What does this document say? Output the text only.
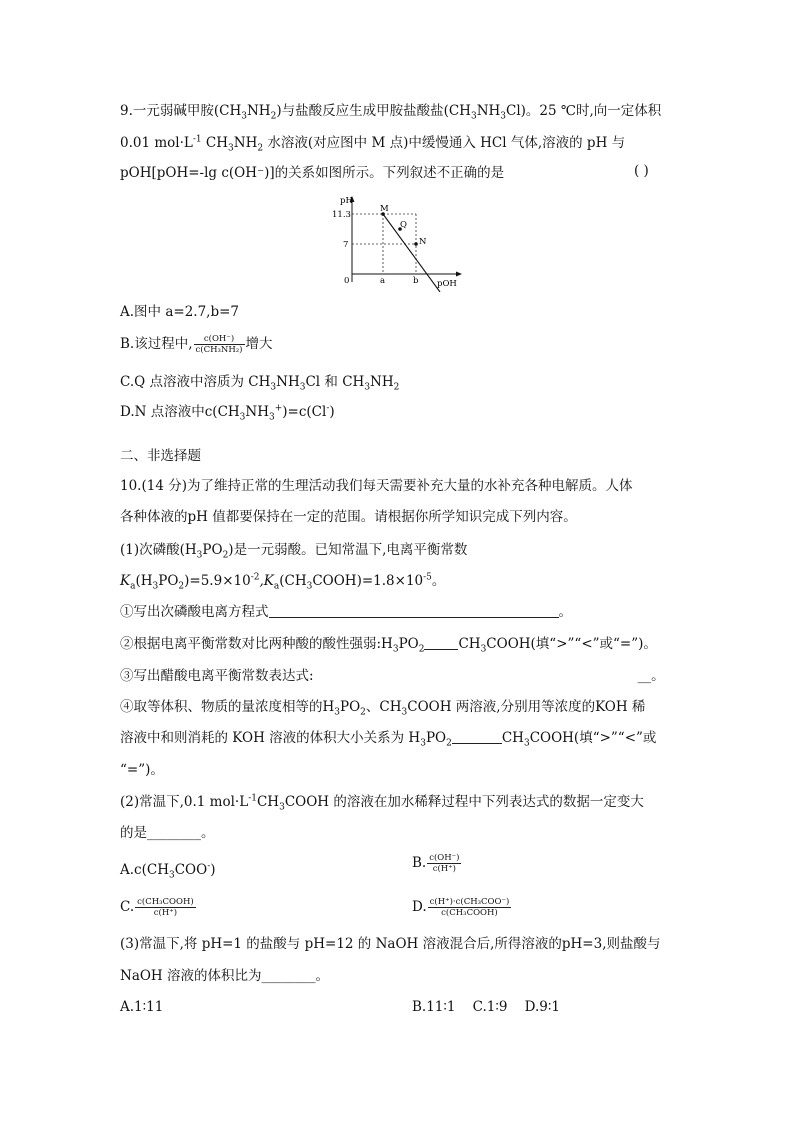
9.一元弱碱甲胺$(CH_3NH_2)$与盐酸反应生成甲胺盐酸盐$(CH_3NH_3Cl)$。25 ℃时,向一定体积
0.01 $mol\cdot L^{-1}$ $CH_3NH_2$ 水溶液(对应图中 M 点)中缓慢通入 HCl 气体,溶液的 pH 与
pOH[pOH=-lg c(OH⁻)]的关系如图所示。下列叙述不正确的是	( )
pH
11.3
7
0	a	b pOH
M
Q
N
A.图中 a=2.7,b=7
B.该过程中, $\frac{c(OH^-)}{\text{c(CH₃NH₂)}}$ 增大
C.Q 点溶液中溶质为 $CH_3NH_3Cl$ 和 $CH_3NH_2$
D.N 点溶液中$c(CH_3NH_3^+)=c(Cl^-)$
二、非选择题
10.(14 分)为了维持正常的生理活动我们每天需要补充大量的水补充各种电解质。人体
各种体液的pH 值都要保持在一定的范围。请根据你所学知识完成下列内容。
(1)次磷酸$(H_3PO_2)$是一元弱酸。已知常温下,电离平衡常数
$K_a(H_3PO_2)=5.9\times 10^{-2},K_a(CH_3COOH)=1.8\times 10^{-5}$。
①写出次磷酸电离方程式	。
②根据电离平衡常数对比两种酸的酸性强弱$:H_3PO_2$	$CH_3COOH$(填“>”“<”或“=”)。
③写出醋酸电离平衡常数表达式:	__。
④取等体积、物质的量浓度相等的$H_3PO_2$、$CH_3COOH$ 两溶液,分别用等浓度的KOH 稀
溶液中和则消耗的 KOH 溶液的体积大小关系为 $H_3PO_2$	$CH_3COOH$(填“>”“<”或
“=”)。
(2)常温下,0.1 $mol\cdot L^{-1}CH_3COOH$ 的溶液在加水稀释过程中下列表达式的数据一定变大
的是________。
$A.c(CH_3COO^-)$	B. $\frac{c(OH^-)}{c(H^+)}$
C. $\frac{\text{c(CH₃COOH)}}{c(H^+)}$	D. $\frac{\text{c(H⁺)·c(CH₃COO⁻)}}{\text{c(CH₃COOH)}}$
(3)常温下,将 pH=1 的盐酸与 pH=12 的 NaOH 溶液混合后,所得溶液的pH=3,则盐酸与
NaOH 溶液的体积比为________。
A.1∶11	B.11∶1    C.1∶9    D.9∶1
